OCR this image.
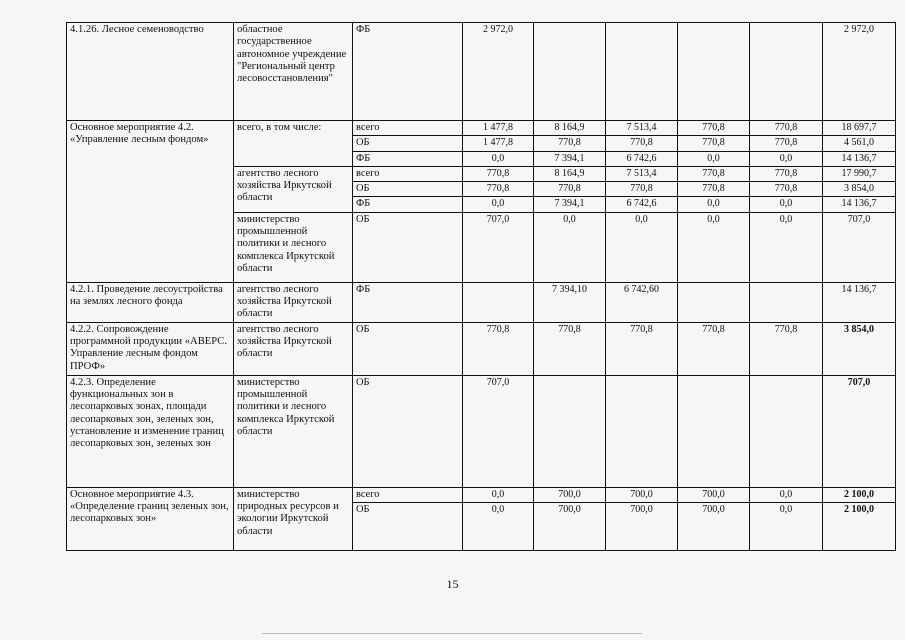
4.1.26. Лесное семеноводство	областное государственное автономное учреждение "Региональный центр лесовосстановления"	ФБ	2 972,0					2 972,0
Основное мероприятие 4.2. «Управление лесным фондом»	всего, в том числе:	всего	1 477,8	8 164,9	7 513,4	770,8	770,8	18 697,7
		ОБ	1 477,8	770,8	770,8	770,8	770,8	4 561,0
		ФБ	0,0	7 394,1	6 742,6	0,0	0,0	14 136,7
	агентство лесного хозяйства Иркутской области	всего	770,8	8 164,9	7 513,4	770,8	770,8	17 990,7
		ОБ	770,8	770,8	770,8	770,8	770,8	3 854,0
		ФБ	0,0	7 394,1	6 742,6	0,0	0,0	14 136,7
	министерство промышленной политики и лесного комплекса Иркутской области	ОБ	707,0	0,0	0,0	0,0	0,0	707,0
4.2.1. Проведение лесоустройства на землях лесного фонда	агентство лесного хозяйства Иркутской области	ФБ		7 394,10	6 742,60			14 136,7
4.2.2. Сопровождение программной продукции «АВЕРС. Управление лесным фондом ПРОФ»	агентство лесного хозяйства Иркутской области	ОБ	770,8	770,8	770,8	770,8	770,8	3 854,0
4.2.3. Определение функциональных зон в лесопарковых зонах, площади лесопарковых зон, зеленых зон, установление и изменение границ лесопарковых зон, зеленых зон	министерство промышленной политики и лесного комплекса Иркутской области	ОБ	707,0					707,0
Основное мероприятие 4.3. «Определение границ зеленых зон, лесопарковых зон»	министерство природных ресурсов и экологии Иркутской области	всего	0,0	700,0	700,0	700,0	0,0	2 100,0
		ОБ	0,0	700,0	700,0	700,0	0,0	2 100,0
15
